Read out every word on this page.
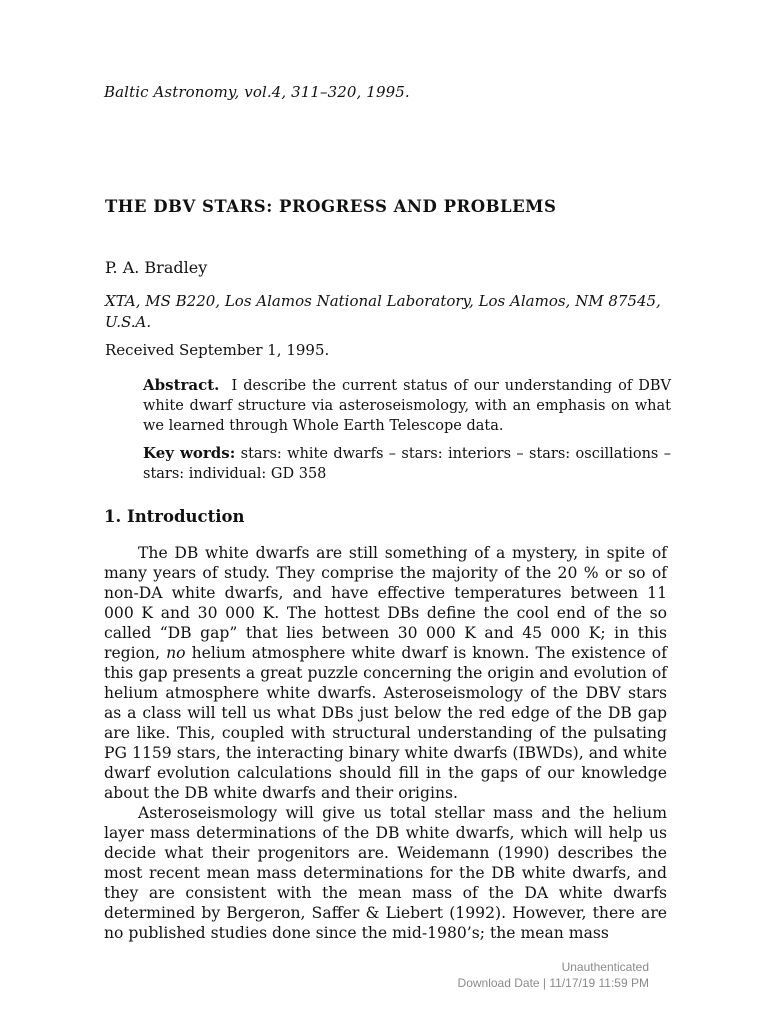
Baltic Astronomy, vol.4, 311–320, 1995.
THE DBV STARS: PROGRESS AND PROBLEMS
P. A. Bradley
XTA, MS B220, Los Alamos National Laboratory, Los Alamos, NM 87545, U.S.A.
Received September 1, 1995.

Abstract. I describe the current status of our understanding of DBV white dwarf structure via asteroseismology, with an emphasis on what we learned through Whole Earth Telescope data.

Key words: stars: white dwarfs – stars: interiors – stars: oscillations – stars: individual: GD 358

1. Introduction

The DB white dwarfs are still something of a mystery, in spite of many years of study. They comprise the majority of the 20 % or so of non-DA white dwarfs, and have effective temperatures between 11 000 K and 30 000 K. The hottest DBs define the cool end of the so called “DB gap” that lies between 30 000 K and 45 000 K; in this region, no helium atmosphere white dwarf is known. The existence of this gap presents a great puzzle concerning the origin and evolution of helium atmosphere white dwarfs. Asteroseismology of the DBV stars as a class will tell us what DBs just below the red edge of the DB gap are like. This, coupled with structural understanding of the pulsating PG 1159 stars, the interacting binary white dwarfs (IBWDs), and white dwarf evolution calculations should fill in the gaps of our knowledge about the DB white dwarfs and their origins.

Asteroseismology will give us total stellar mass and the helium layer mass determinations of the DB white dwarfs, which will help us decide what their progenitors are. Weidemann (1990) describes the most recent mean mass determinations for the DB white dwarfs, and they are consistent with the mean mass of the DA white dwarfs determined by Bergeron, Saffer & Liebert (1992). However, there are no published studies done since the mid-1980’s; the mean mass

Unauthenticated
Download Date | 11/17/19 11:59 PM
